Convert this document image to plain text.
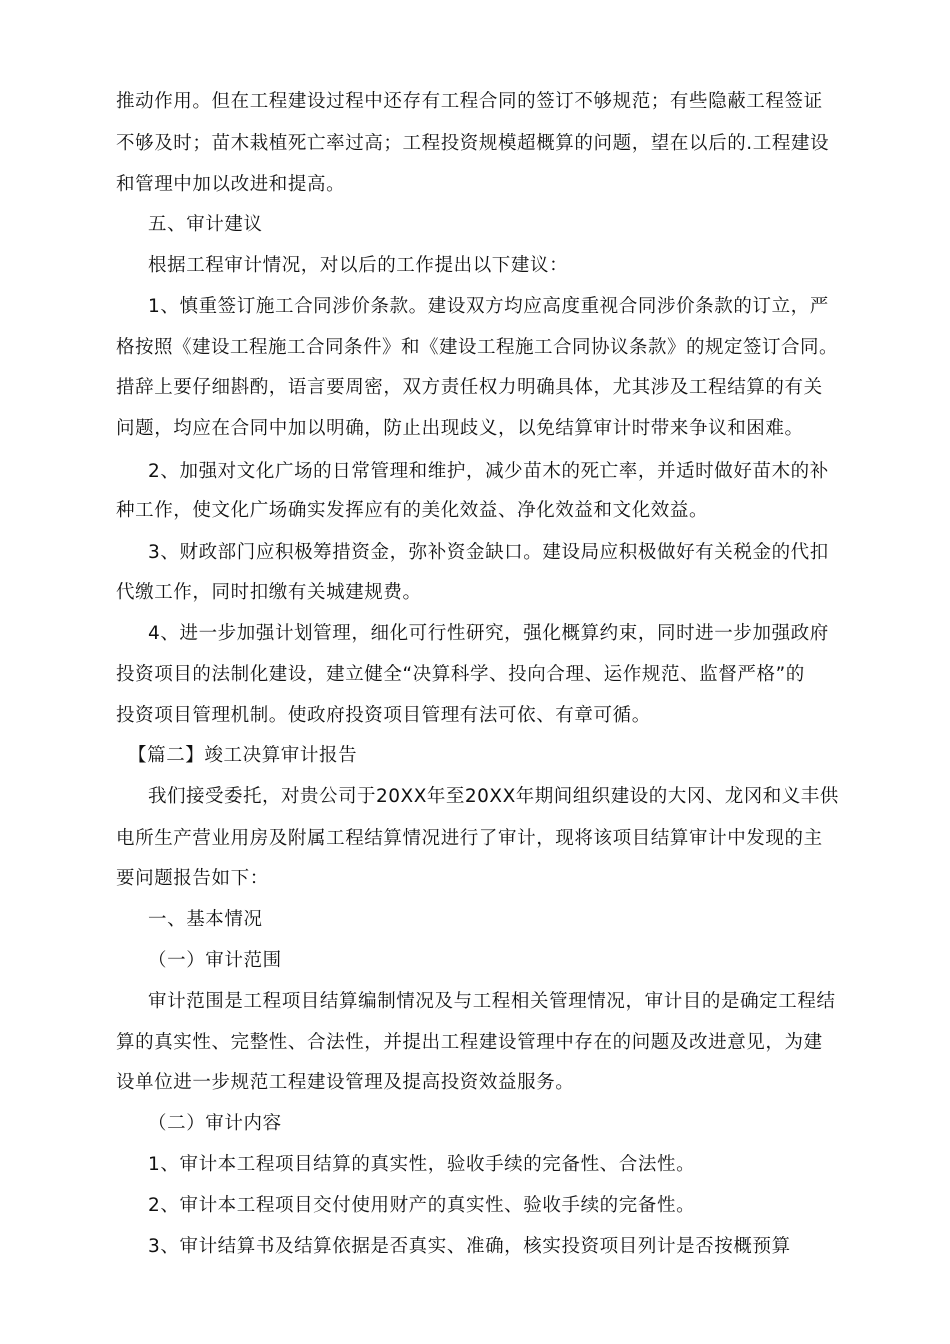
推动作用。但在工程建设过程中还存有工程合同的签订不够规范；有些隐蔽工程签证
不够及时；苗木栽植死亡率过高；工程投资规模超概算的问题，望在以后的.工程建设
和管理中加以改进和提高。
五、审计建议
根据工程审计情况，对以后的工作提出以下建议：
1、慎重签订施工合同涉价条款。建设双方均应高度重视合同涉价条款的订立，严
格按照《建设工程施工合同条件》和《建设工程施工合同协议条款》的规定签订合同。
措辞上要仔细斟酌，语言要周密，双方责任权力明确具体，尤其涉及工程结算的有关
问题，均应在合同中加以明确，防止出现歧义，以免结算审计时带来争议和困难。
2、加强对文化广场的日常管理和维护，减少苗木的死亡率，并适时做好苗木的补
种工作，使文化广场确实发挥应有的美化效益、净化效益和文化效益。
3、财政部门应积极筹措资金，弥补资金缺口。建设局应积极做好有关税金的代扣
代缴工作，同时扣缴有关城建规费。
4、进一步加强计划管理，细化可行性研究，强化概算约束，同时进一步加强政府
投资项目的法制化建设，建立健全“决算科学、投向合理、运作规范、监督严格”的
投资项目管理机制。使政府投资项目管理有法可依、有章可循。
【篇二】竣工决算审计报告
我们接受委托，对贵公司于20XX年至20XX年期间组织建设的大冈、龙冈和义丰供
电所生产营业用房及附属工程结算情况进行了审计，现将该项目结算审计中发现的主
要问题报告如下：
一、基本情况
（一）审计范围
审计范围是工程项目结算编制情况及与工程相关管理情况，审计目的是确定工程结
算的真实性、完整性、合法性，并提出工程建设管理中存在的问题及改进意见，为建
设单位进一步规范工程建设管理及提高投资效益服务。
（二）审计内容
1、审计本工程项目结算的真实性，验收手续的完备性、合法性。
2、审计本工程项目交付使用财产的真实性、验收手续的完备性。
3、审计结算书及结算依据是否真实、准确，核实投资项目列计是否按概预算
